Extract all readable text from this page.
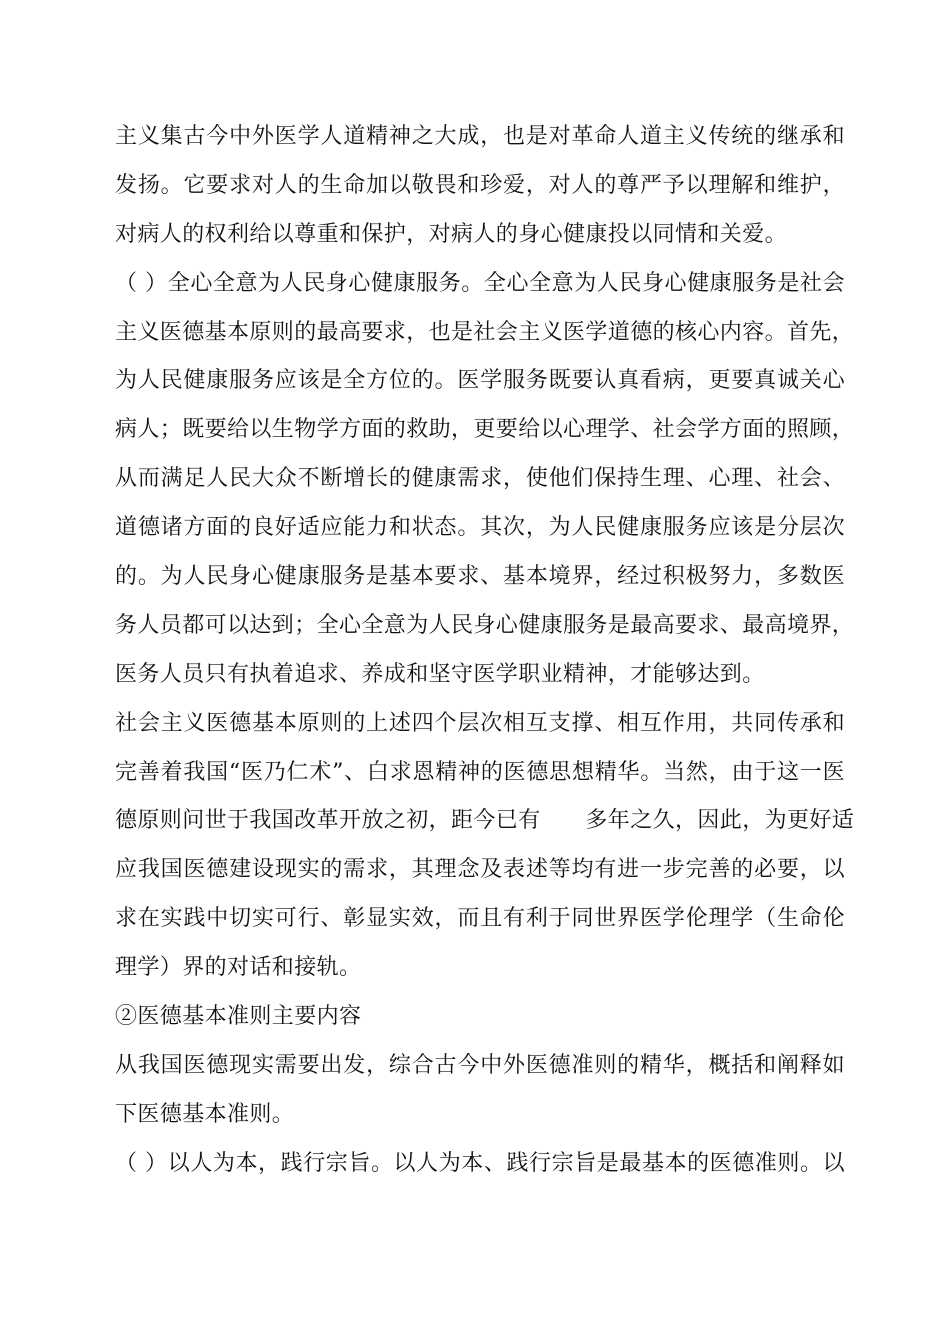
主义集古今中外医学人道精神之大成，也是对革命人道主义传统的继承和
发扬。它要求对人的生命加以敬畏和珍爱，对人的尊严予以理解和维护，
对病人的权利给以尊重和保护，对病人的身心健康投以同情和关爱。
（ ）全心全意为人民身心健康服务。全心全意为人民身心健康服务是社会
主义医德基本原则的最高要求，也是社会主义医学道德的核心内容。首先，
为人民健康服务应该是全方位的。医学服务既要认真看病，更要真诚关心
病人；既要给以生物学方面的救助，更要给以心理学、社会学方面的照顾，
从而满足人民大众不断增长的健康需求，使他们保持生理、心理、社会、
道德诸方面的良好适应能力和状态。其次，为人民健康服务应该是分层次
的。为人民身心健康服务是基本要求、基本境界，经过积极努力，多数医
务人员都可以达到；全心全意为人民身心健康服务是最高要求、最高境界，
医务人员只有执着追求、养成和坚守医学职业精神，才能够达到。
社会主义医德基本原则的上述四个层次相互支撑、相互作用，共同传承和
完善着我国“医乃仁术”、白求恩精神的医德思想精华。当然，由于这一医
德原则问世于我国改革开放之初，距今已有　　多年之久，因此，为更好适
应我国医德建设现实的需求，其理念及表述等均有进一步完善的必要，以
求在实践中切实可行、彰显实效，而且有利于同世界医学伦理学（生命伦
理学）界的对话和接轨。
②医德基本准则主要内容
从我国医德现实需要出发，综合古今中外医德准则的精华，概括和阐释如
下医德基本准则。
（ ）以人为本，践行宗旨。以人为本、践行宗旨是最基本的医德准则。以
